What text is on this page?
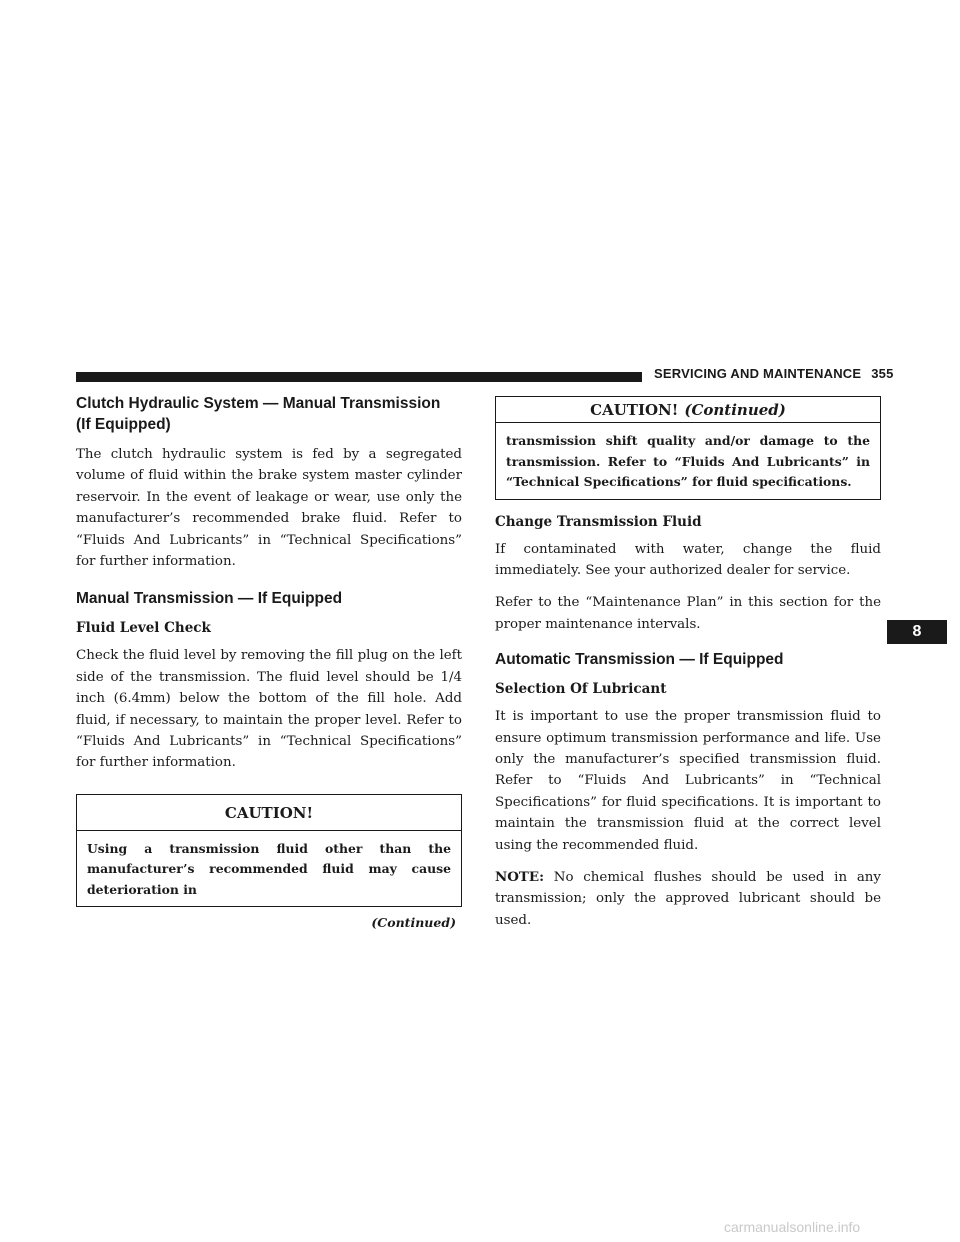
SERVICING AND MAINTENANCE 355
8
Clutch Hydraulic System — Manual Transmission
(If Equipped)

The clutch hydraulic system is fed by a segregated volume of fluid within the brake system master cylinder reservoir. In the event of leakage or wear, use only the manufacturer’s recommended brake fluid. Refer to “Fluids And Lubricants” in “Technical Specifications” for further information.

Manual Transmission — If Equipped
Fluid Level Check

Check the fluid level by removing the fill plug on the left side of the transmission. The fluid level should be 1/4 inch (6.4mm) below the bottom of the fill hole. Add fluid, if necessary, to maintain the proper level. Refer to “Fluids And Lubricants” in “Technical Specifications” for further information.

CAUTION!
Using a transmission fluid other than the manufacturer’s recommended fluid may cause deterioration in
(Continued)
CAUTION! (Continued)
transmission shift quality and/or damage to the transmission. Refer to “Fluids And Lubricants” in “Technical Specifications” for fluid specifications.
Change Transmission Fluid

If contaminated with water, change the fluid immediately. See your authorized dealer for service.

Refer to the “Maintenance Plan” in this section for the proper maintenance intervals.

Automatic Transmission — If Equipped
Selection Of Lubricant

It is important to use the proper transmission fluid to ensure optimum transmission performance and life. Use only the manufacturer’s specified transmission fluid. Refer to “Fluids And Lubricants” in “Technical Specifications” for fluid specifications. It is important to maintain the transmission fluid at the correct level using the recommended fluid.

NOTE: No chemical flushes should be used in any transmission; only the approved lubricant should be used.

carmanualsonline.info
